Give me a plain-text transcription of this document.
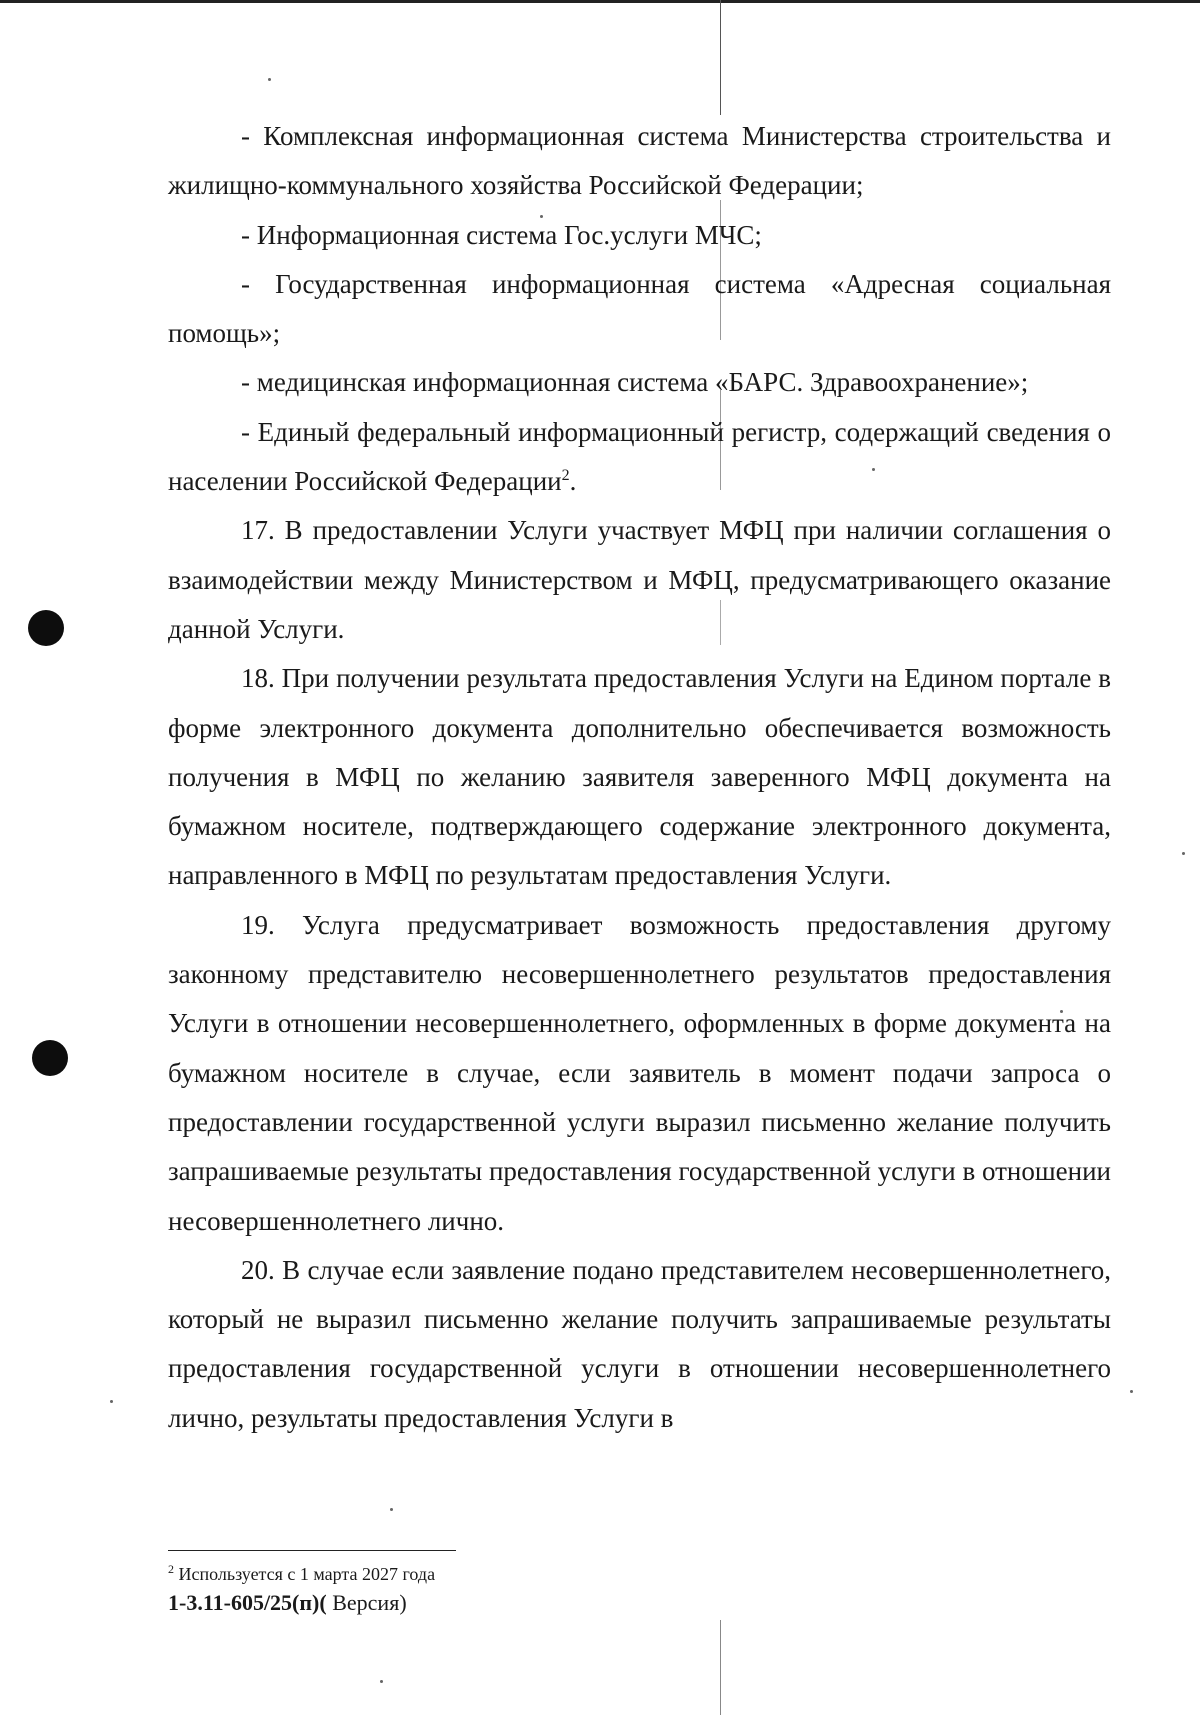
- Комплексная информационная система Министерства строительства и жилищно-коммунального хозяйства Российской Федерации;

- Информационная система Гос.услуги МЧС;

- Государственная информационная система «Адресная социальная помощь»;

- медицинская информационная система «БАРС. Здравоохранение»;

- Единый федеральный информационный регистр, содержащий сведения о населении Российской Федерации$^2$.

17. В предоставлении Услуги участвует МФЦ при наличии соглашения о взаимодействии между Министерством и МФЦ, предусматривающего оказание данной Услуги.

18. При получении результата предоставления Услуги на Едином портале в форме электронного документа дополнительно обеспечивается возможность получения в МФЦ по желанию заявителя заверенного МФЦ документа на бумажном носителе, подтверждающего содержание электронного документа, направленного в МФЦ по результатам предоставления Услуги.

19. Услуга предусматривает возможность предоставления другому законному представителю несовершеннолетнего результатов предоставления Услуги в отношении несовершеннолетнего, оформленных в форме документа на бумажном носителе в случае, если заявитель в момент подачи запроса о предоставлении государственной услуги выразил письменно желание получить запрашиваемые результаты предоставления государственной услуги в отношении несовершеннолетнего лично.

20. В случае если заявление подано представителем несовершеннолетнего, который не выразил письменно желание получить запрашиваемые результаты предоставления государственной услуги в отношении несовершеннолетнего лично, результаты предоставления Услуги в

$^2$ Используется с 1 марта 2027 года
1-3.11-605/25(п)( Версия)
